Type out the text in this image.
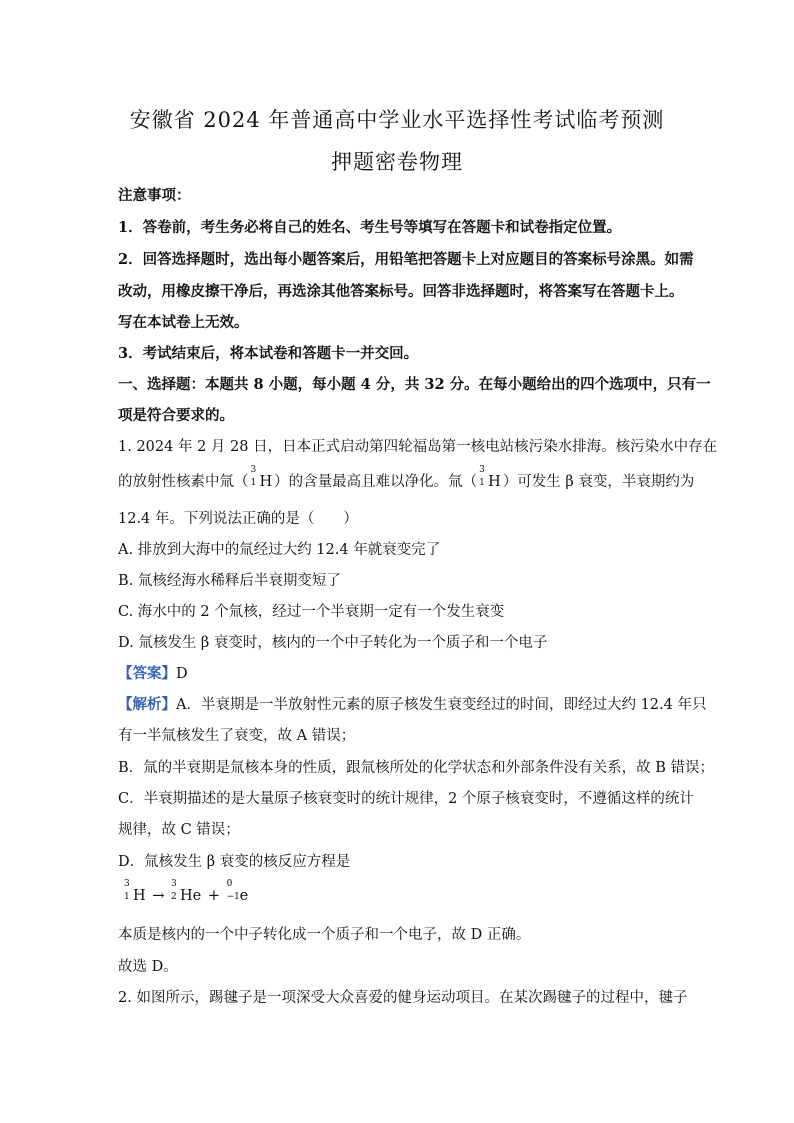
安徽省 2024 年普通高中学业水平选择性考试临考预测
押题密卷物理
注意事项：
1．答卷前，考生务必将自己的姓名、考生号等填写在答题卡和试卷指定位置。
2．回答选择题时，选出每小题答案后，用铅笔把答题卡上对应题目的答案标号涂黑。如需
改动，用橡皮擦干净后，再选涂其他答案标号。回答非选择题时，将答案写在答题卡上。
写在本试卷上无效。
3．考试结束后，将本试卷和答题卡一并交回。
一、选择题：本题共 8 小题，每小题 4 分，共 32 分。在每小题给出的四个选项中，只有一
项是符合要求的。
1. 2024 年 2 月 28 日，日本正式启动第四轮福岛第一核电站核污染水排海。核污染水中存在
的放射性核素中氚（
3
1 H ）的含量最高且难以净化。氚（
3
1 H ）可发生 β 衰变，半衰期约为
12.4 年。下列说法正确的是（　　）
A. 排放到大海中的氚经过大约 12.4 年就衰变完了
B. 氚核经海水稀释后半衰期变短了
C. 海水中的 2 个氚核，经过一个半衰期一定有一个发生衰变
D. 氚核发生 β 衰变时，核内的一个中子转化为一个质子和一个电子
【答案】D
【解析】A．半衰期是一半放射性元素的原子核发生衰变经过的时间，即经过大约 12.4 年只
有一半氚核发生了衰变，故 A 错误；
B．氚的半衰期是氚核本身的性质，跟氚核所处的化学状态和外部条件没有关系，故 B 错误；
C．半衰期描述的是大量原子核衰变时的统计规律，2 个原子核衰变时，不遵循这样的统计
规律，故 C 错误；
D．氚核发生 β 衰变的核反应方程是
3
1 H →
3
2 He +
0
−1 e
本质是核内的一个中子转化成一个质子和一个电子，故 D 正确。
故选 D。
2. 如图所示，踢毽子是一项深受大众喜爱的健身运动项目。在某次踢毽子的过程中，毽子
